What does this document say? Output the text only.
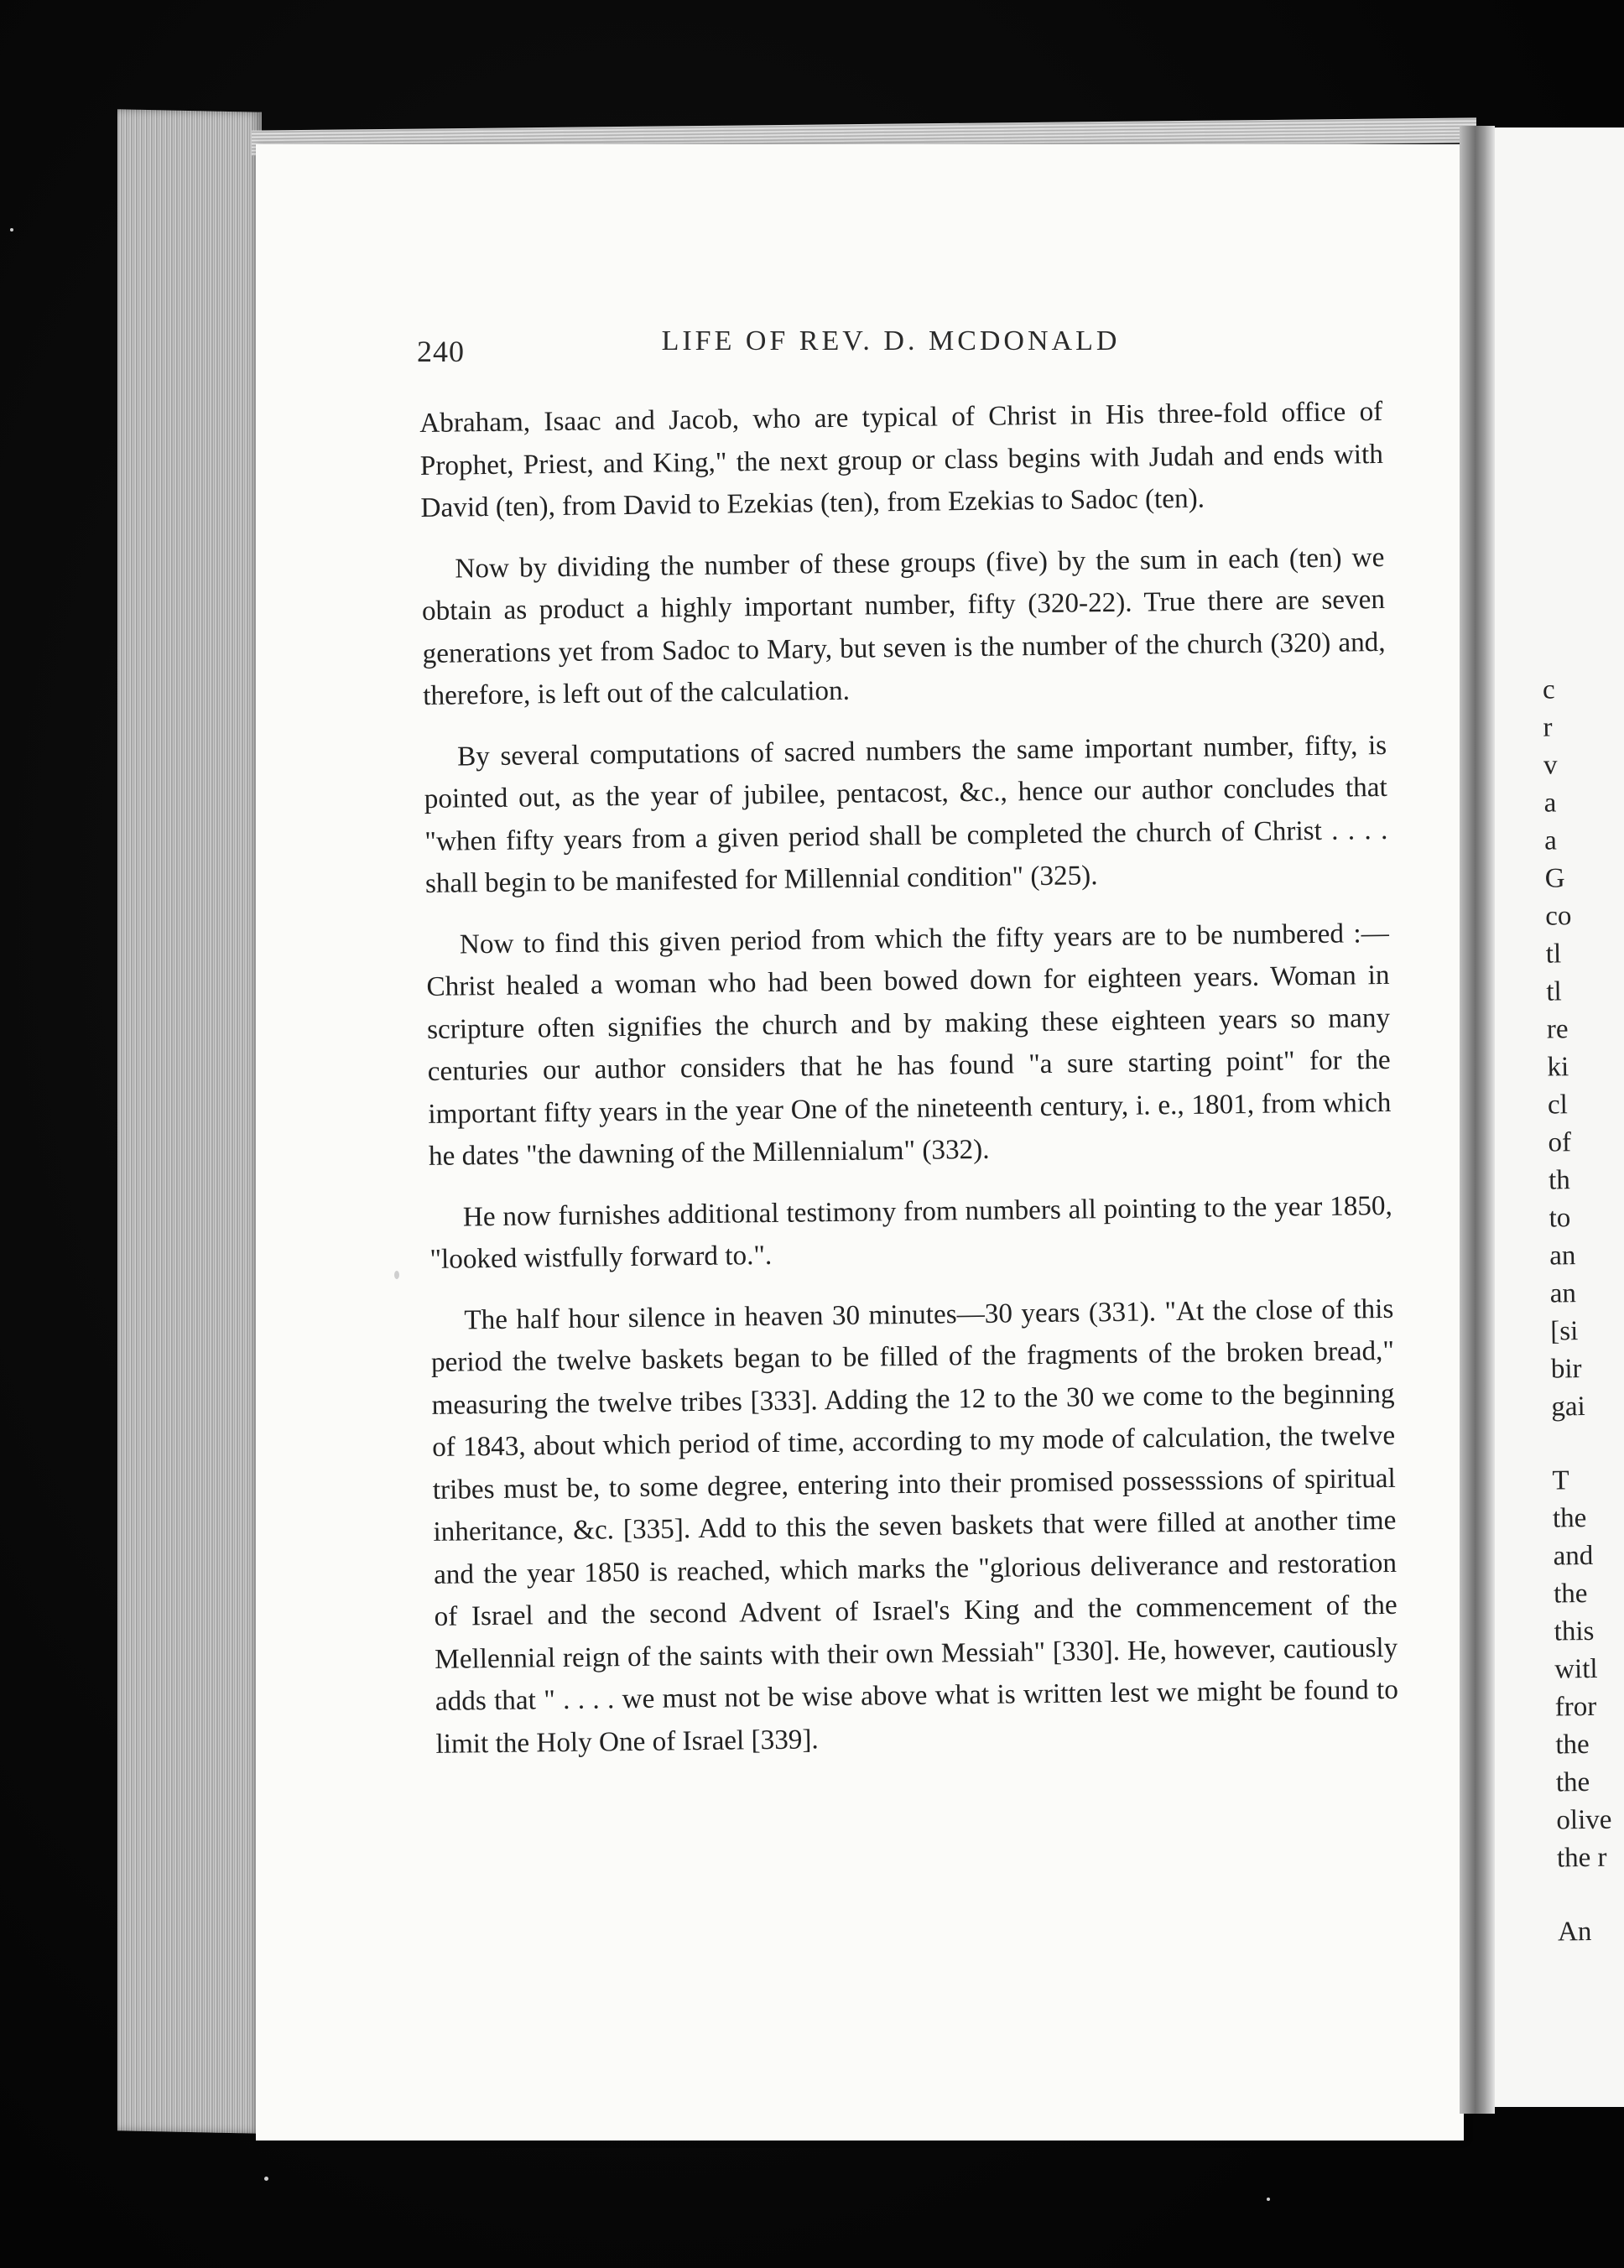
240	LIFE OF REV. D. MCDONALD

Abraham, Isaac and Jacob, who are typical of Christ in His three-fold office of Prophet, Priest, and King," the next group or class begins with Judah and ends with David (ten), from David to Ezekias (ten), from Ezekias to Sadoc (ten).

Now by dividing the number of these groups (five) by the sum in each (ten) we obtain as product a highly important number, fifty (320-22). True there are seven generations yet from Sadoc to Mary, but seven is the number of the church (320) and, therefore, is left out of the calculation.

By several computations of sacred numbers the same important number, fifty, is pointed out, as the year of jubilee, pentacost, &c., hence our author concludes that "when fifty years from a given period shall be completed the church of Christ . . . . shall begin to be manifested for Millennial condition" (325).

Now to find this given period from which the fifty years are to be numbered :—Christ healed a woman who had been bowed down for eighteen years. Woman in scripture often signifies the church and by making these eighteen years so many centuries our author considers that he has found "a sure starting point" for the important fifty years in the year One of the nineteenth century, i. e., 1801, from which he dates "the dawning of the Millennialum" (332).

He now furnishes additional testimony from numbers all pointing to the year 1850, "looked wistfully forward to.".

The half hour silence in heaven 30 minutes—30 years (331). "At the close of this period the twelve baskets began to be filled of the fragments of the broken bread," measuring the twelve tribes [333]. Adding the 12 to the 30 we come to the beginning of 1843, about which period of time, according to my mode of calculation, the twelve tribes must be, to some degree, entering into their promised possesssions of spiritual inheritance, &c. [335]. Add to this the seven baskets that were filled at another time and the year 1850 is reached, which marks the "glorious deliverance and restoration of Israel and the second Advent of Israel's King and the commencement of the Mellennial reign of the saints with their own Messiah" [330]. He, however, cautiously adds that " . . . . we must not be wise above what is written lest we might be found to limit the Holy One of Israel [339].

c
r
v
a
a
G
co
tl
tl
re
ki
cl
of
th
to
an
an
[si
bir
gai
T
the
and
the
this
witl
fror
the
the
olive
the r
An
